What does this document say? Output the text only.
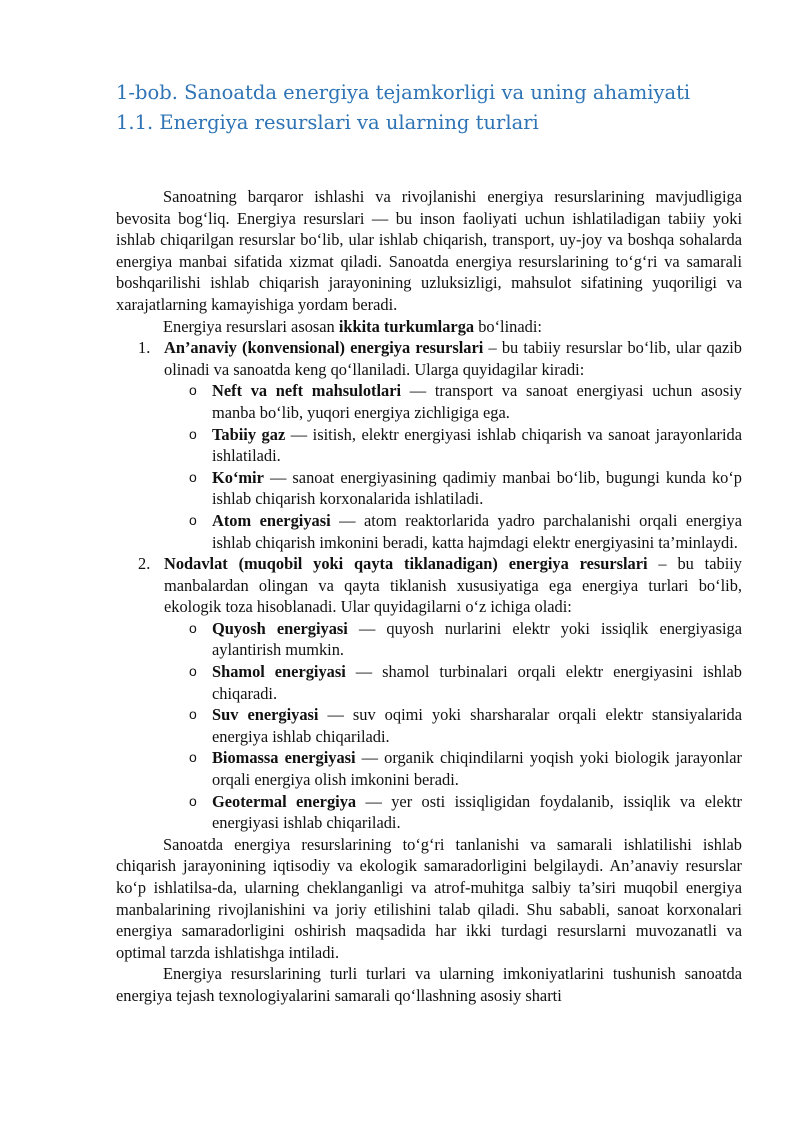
1-bob. Sanoatda energiya tejamkorligi va uning ahamiyati
1.1. Energiya resurslari va ularning turlari

Sanoatning barqaror ishlashi va rivojlanishi energiya resurslarining mavjudligiga bevosita bog‘liq. Energiya resurslari — bu inson faoliyati uchun ishlatiladigan tabiiy yoki ishlab chiqarilgan resurslar bo‘lib, ular ishlab chiqarish, transport, uy-joy va boshqa sohalarda energiya manbai sifatida xizmat qiladi. Sanoatda energiya resurslarining to‘g‘ri va samarali boshqarilishi ishlab chiqarish jarayonining uzluksizligi, mahsulot sifatining yuqoriligi va xarajatlarning kamayishiga yordam beradi.

Energiya resurslari asosan ikkita turkumlarga bo‘linadi:

1. An’anaviy (konvensional) energiya resurslari – bu tabiiy resurslar bo‘lib, ular qazib olinadi va sanoatda keng qo‘llaniladi. Ularga quyidagilar kiradi:
o Neft va neft mahsulotlari — transport va sanoat energiyasi uchun asosiy manba bo‘lib, yuqori energiya zichligiga ega.
o Tabiiy gaz — isitish, elektr energiyasi ishlab chiqarish va sanoat jarayonlarida ishlatiladi.
o Ko‘mir — sanoat energiyasining qadimiy manbai bo‘lib, bugungi kunda ko‘p ishlab chiqarish korxonalarida ishlatiladi.
o Atom energiyasi — atom reaktorlarida yadro parchalanishi orqali energiya ishlab chiqarish imkonini beradi, katta hajmdagi elektr energiyasini ta’minlaydi.
2. Nodavlat (muqobil yoki qayta tiklanadigan) energiya resurslari – bu tabiiy manbalardan olingan va qayta tiklanish xususiyatiga ega energiya turlari bo‘lib, ekologik toza hisoblanadi. Ular quyidagilarni o‘z ichiga oladi:
o Quyosh energiyasi — quyosh nurlarini elektr yoki issiqlik energiyasiga aylantirish mumkin.
o Shamol energiyasi — shamol turbinalari orqali elektr energiyasini ishlab chiqaradi.
o Suv energiyasi — suv oqimi yoki sharsharalar orqali elektr stansiyalarida energiya ishlab chiqariladi.
o Biomassa energiyasi — organik chiqindilarni yoqish yoki biologik jarayonlar orqali energiya olish imkonini beradi.
o Geotermal energiya — yer osti issiqligidan foydalanib, issiqlik va elektr energiyasi ishlab chiqariladi.

Sanoatda energiya resurslarining to‘g‘ri tanlanishi va samarali ishlatilishi ishlab chiqarish jarayonining iqtisodiy va ekologik samaradorligini belgilaydi. An’anaviy resurslar ko‘p ishlatilsa-da, ularning cheklanganligi va atrof-muhitga salbiy ta’siri muqobil energiya manbalarining rivojlanishini va joriy etilishini talab qiladi. Shu sababli, sanoat korxonalari energiya samaradorligini oshirish maqsadida har ikki turdagi resurslarni muvozanatli va optimal tarzda ishlatishga intiladi.

Energiya resurslarining turli turlari va ularning imkoniyatlarini tushunish sanoatda energiya tejash texnologiyalarini samarali qo‘llashning asosiy sharti
